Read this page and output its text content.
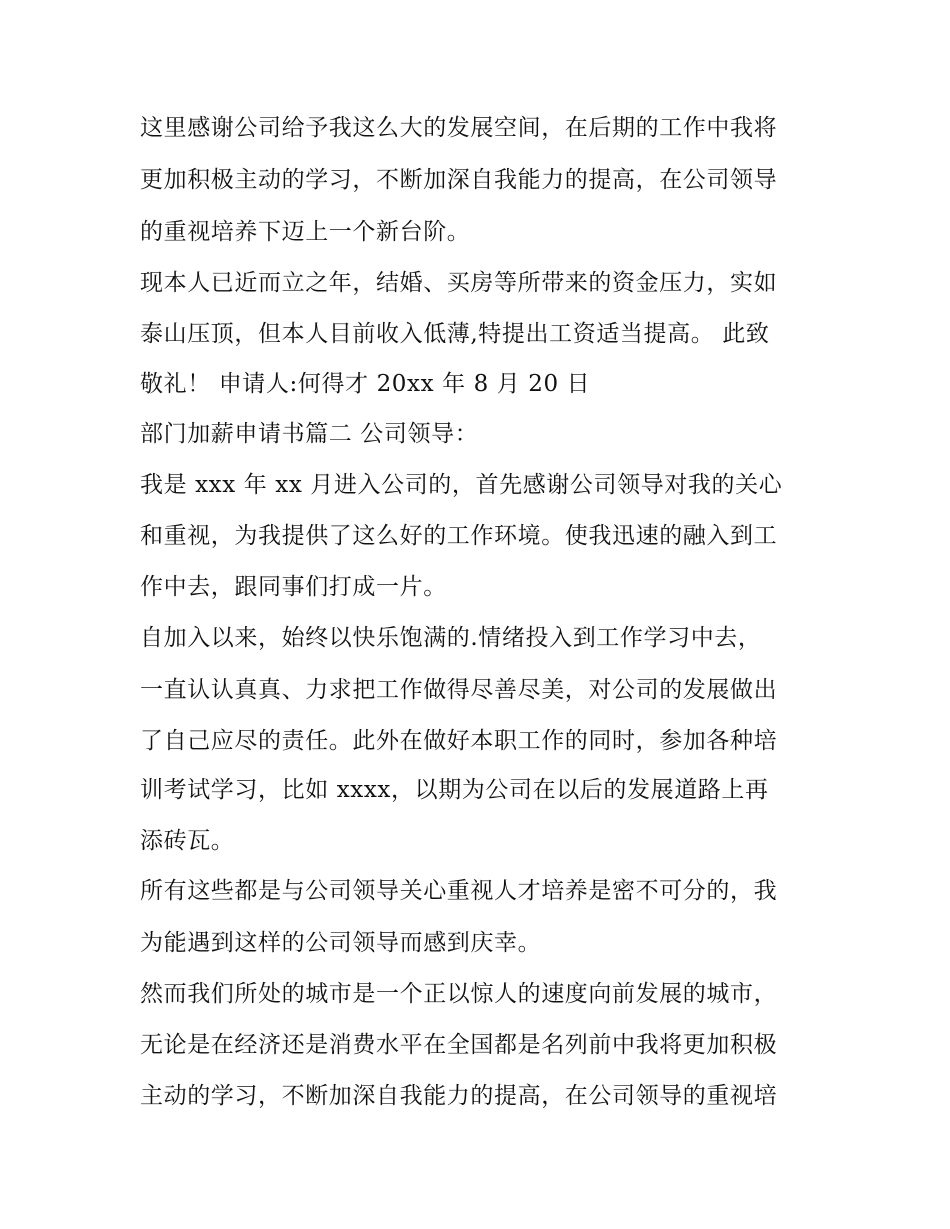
这里感谢公司给予我这么大的发展空间，在后期的工作中我将
更加积极主动的学习，不断加深自我能力的提高，在公司领导
的重视培养下迈上一个新台阶。
现本人已近而立之年，结婚、买房等所带来的资金压力，实如
泰山压顶，但本人目前收入低薄,特提出工资适当提高。 此致
敬礼！ 申请人:何得才 20xx 年 8 月 20 日
部门加薪申请书篇二 公司领导：
我是 xxx 年 xx 月进入公司的，首先感谢公司领导对我的关心
和重视，为我提供了这么好的工作环境。使我迅速的融入到工
作中去，跟同事们打成一片。
自加入以来，始终以快乐饱满的.情绪投入到工作学习中去，
一直认认真真、力求把工作做得尽善尽美，对公司的发展做出
了自己应尽的责任。此外在做好本职工作的同时，参加各种培
训考试学习，比如 xxxx，以期为公司在以后的发展道路上再
添砖瓦。
所有这些都是与公司领导关心重视人才培养是密不可分的，我
为能遇到这样的公司领导而感到庆幸。
然而我们所处的城市是一个正以惊人的速度向前发展的城市，
无论是在经济还是消费水平在全国都是名列前中我将更加积极
主动的学习，不断加深自我能力的提高，在公司领导的重视培
